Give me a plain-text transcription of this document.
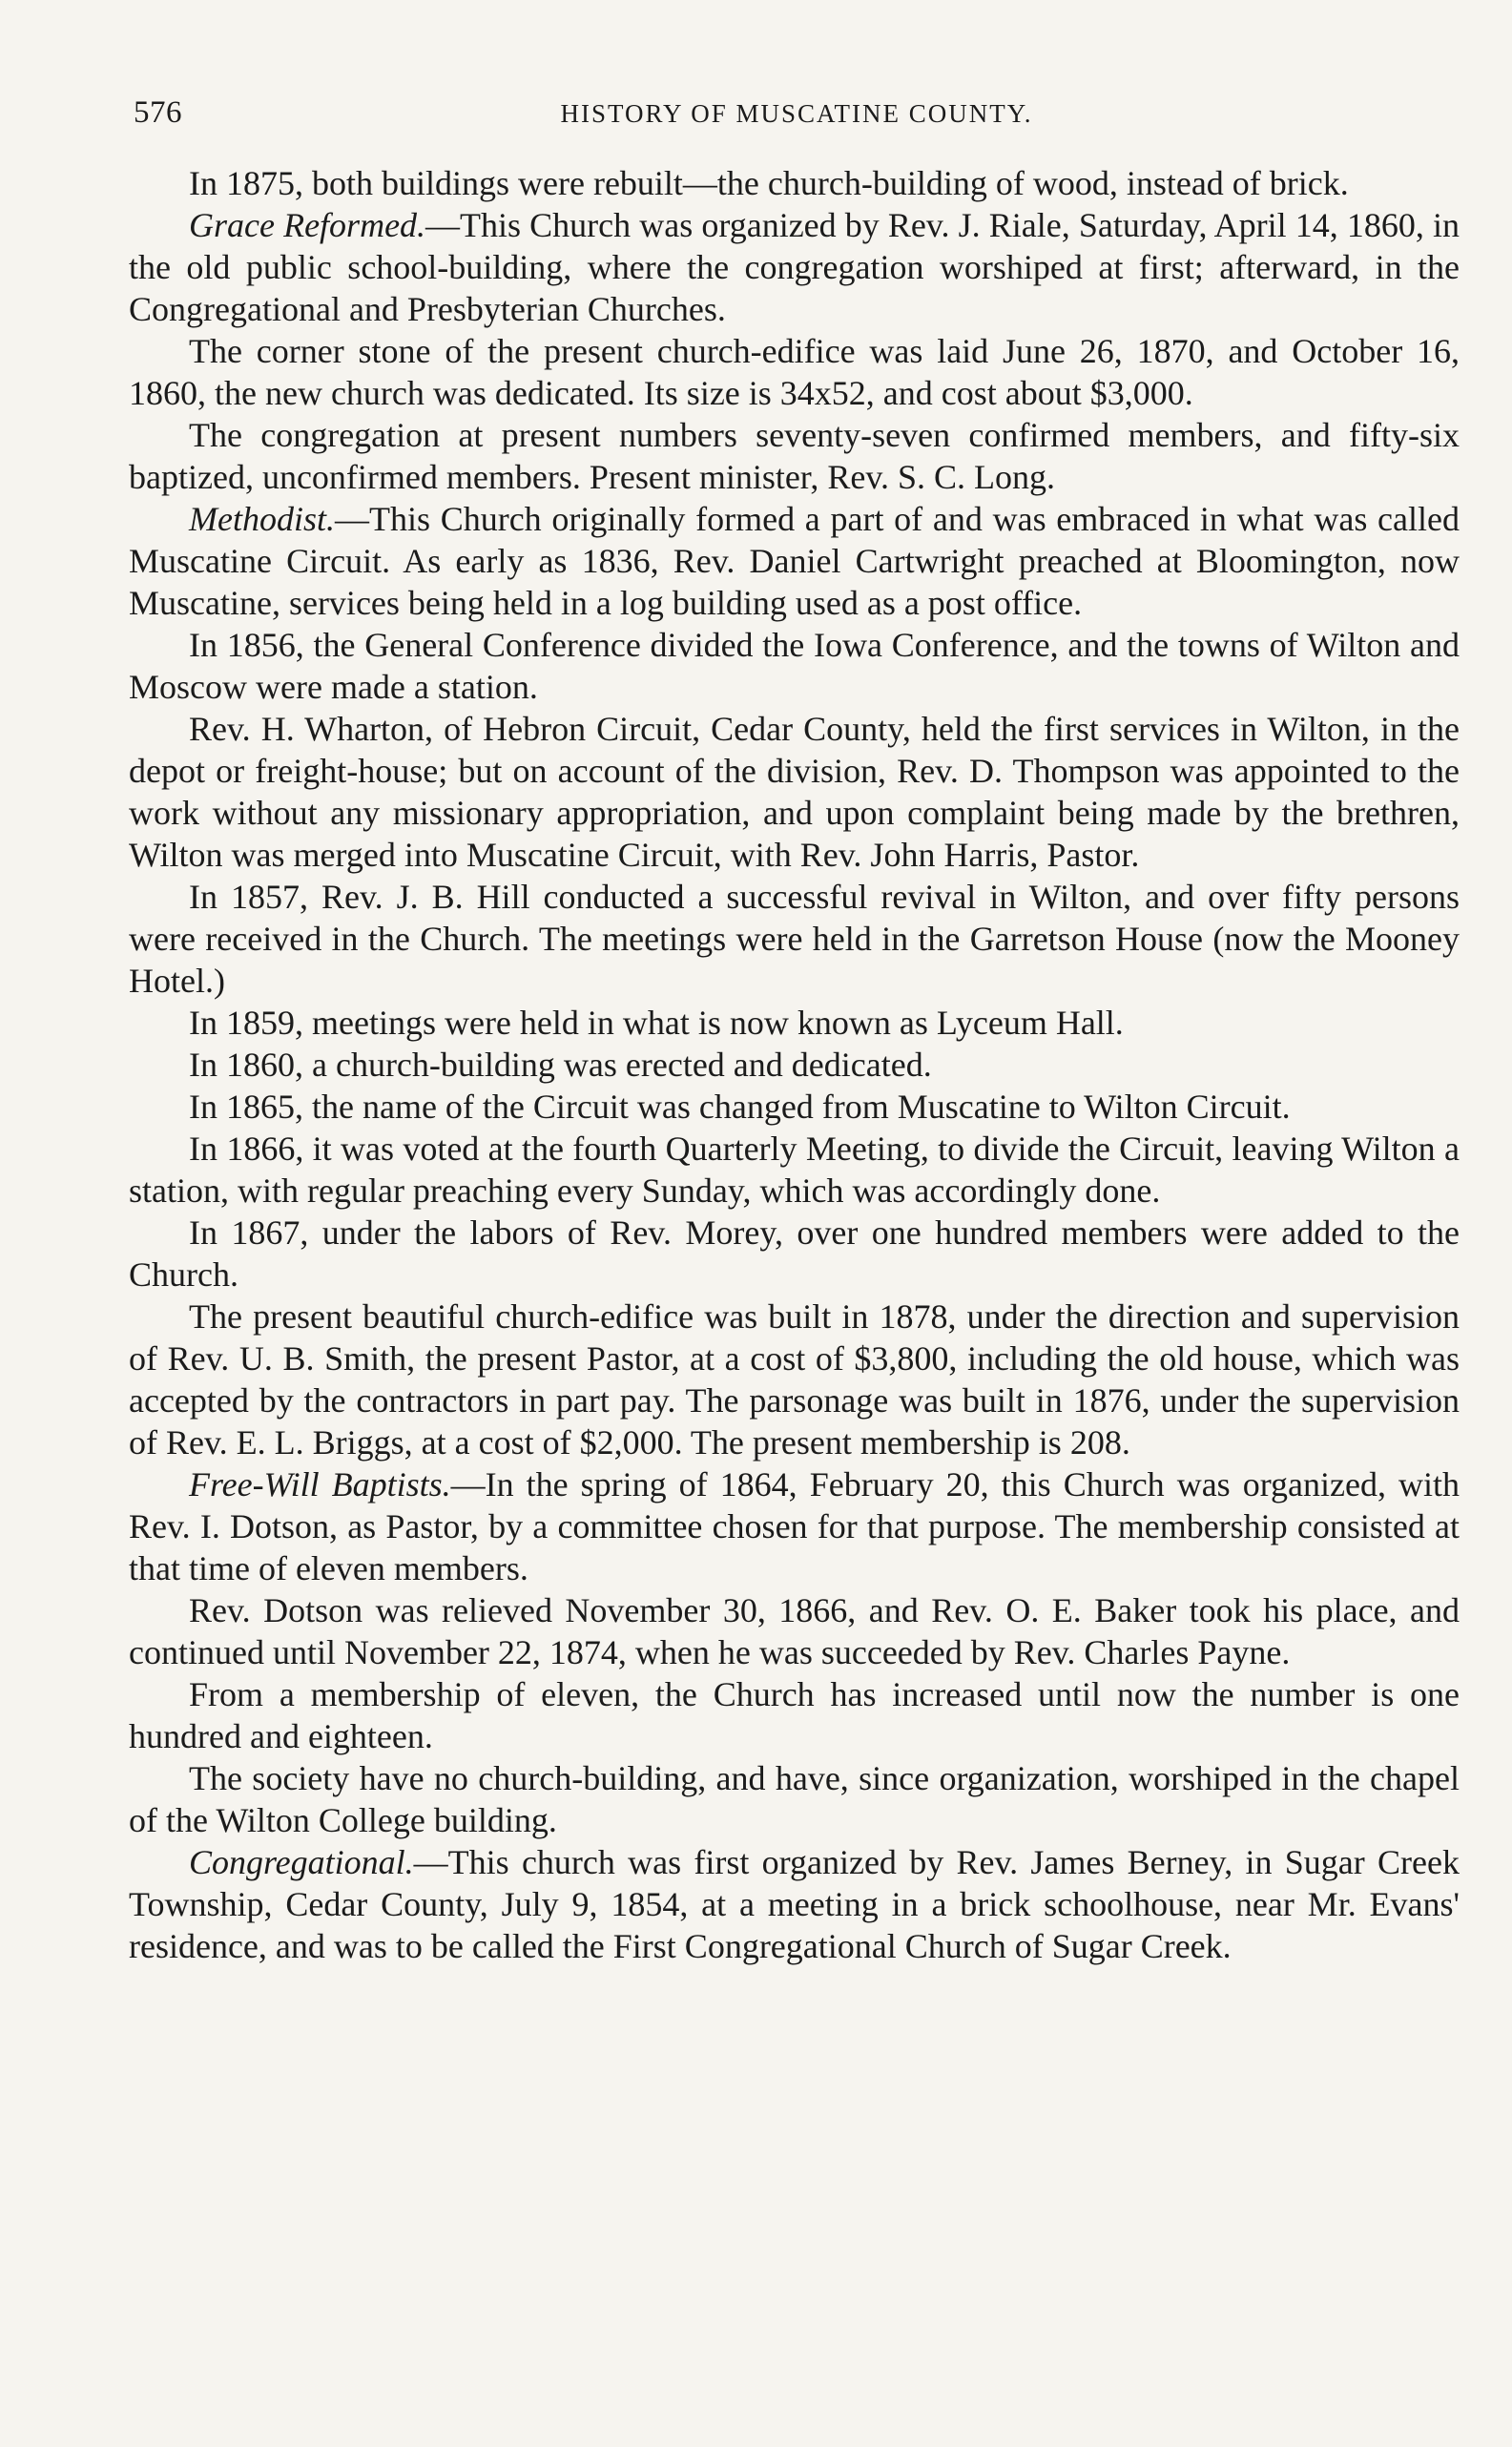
576	HISTORY OF MUSCATINE COUNTY.

In 1875, both buildings were rebuilt—the church-building of wood, instead of brick.

Grace Reformed.—This Church was organized by Rev. J. Riale, Saturday, April 14, 1860, in the old public school-building, where the congregation worshiped at first; afterward, in the Congregational and Presbyterian Churches.

The corner stone of the present church-edifice was laid June 26, 1870, and October 16, 1860, the new church was dedicated. Its size is 34x52, and cost about $3,000.

The congregation at present numbers seventy-seven confirmed members, and fifty-six baptized, unconfirmed members. Present minister, Rev. S. C. Long.

Methodist.—This Church originally formed a part of and was embraced in what was called Muscatine Circuit. As early as 1836, Rev. Daniel Cartwright preached at Bloomington, now Muscatine, services being held in a log building used as a post office.

In 1856, the General Conference divided the Iowa Conference, and the towns of Wilton and Moscow were made a station.

Rev. H. Wharton, of Hebron Circuit, Cedar County, held the first services in Wilton, in the depot or freight-house; but on account of the division, Rev. D. Thompson was appointed to the work without any missionary appropriation, and upon complaint being made by the brethren, Wilton was merged into Muscatine Circuit, with Rev. John Harris, Pastor.

In 1857, Rev. J. B. Hill conducted a successful revival in Wilton, and over fifty persons were received in the Church. The meetings were held in the Garretson House (now the Mooney Hotel.)

In 1859, meetings were held in what is now known as Lyceum Hall.

In 1860, a church-building was erected and dedicated.

In 1865, the name of the Circuit was changed from Muscatine to Wilton Circuit.

In 1866, it was voted at the fourth Quarterly Meeting, to divide the Circuit, leaving Wilton a station, with regular preaching every Sunday, which was accordingly done.

In 1867, under the labors of Rev. Morey, over one hundred members were added to the Church.

The present beautiful church-edifice was built in 1878, under the direction and supervision of Rev. U. B. Smith, the present Pastor, at a cost of $3,800, including the old house, which was accepted by the contractors in part pay. The parsonage was built in 1876, under the supervision of Rev. E. L. Briggs, at a cost of $2,000. The present membership is 208.

Free-Will Baptists.—In the spring of 1864, February 20, this Church was organized, with Rev. I. Dotson, as Pastor, by a committee chosen for that purpose. The membership consisted at that time of eleven members.

Rev. Dotson was relieved November 30, 1866, and Rev. O. E. Baker took his place, and continued until November 22, 1874, when he was succeeded by Rev. Charles Payne.

From a membership of eleven, the Church has increased until now the number is one hundred and eighteen.

The society have no church-building, and have, since organization, worshiped in the chapel of the Wilton College building.

Congregational.—This church was first organized by Rev. James Berney, in Sugar Creek Township, Cedar County, July 9, 1854, at a meeting in a brick schoolhouse, near Mr. Evans' residence, and was to be called the First Congregational Church of Sugar Creek.
